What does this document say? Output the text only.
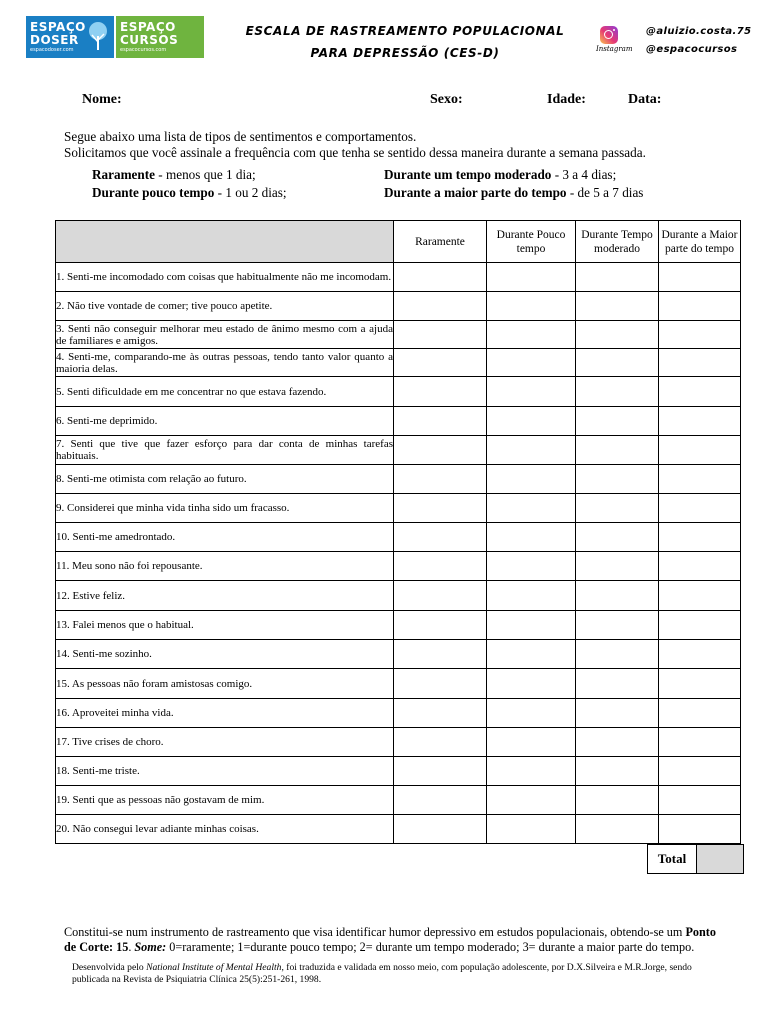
ESPAÇO
DOSER
espacodoser.com
ESPAÇO
CURSOS
espacocursos.com
ESCALA DE RASTREAMENTO POPULACIONAL
PARA DEPRESSÃO (CES-D)	Instagram
@aluizio.costa.75
@espacocursos
Nome:	Sexo:	Idade:	Data:
Segue abaixo uma lista de tipos de sentimentos e comportamentos.
Solicitamos que você assinale a frequência com que tenha se sentido dessa maneira durante a semana passada.
Raramente - menos que 1 dia;
Durante pouco tempo - 1 ou 2 dias;
Durante um tempo moderado - 3 a 4 dias;
Durante a maior parte do tempo - de 5 a 7 dias
	Raramente	Durante Pouco tempo	Durante Tempo moderado	Durante a Maior parte do tempo
1. Senti-me incomodado com coisas que habitualmente não me incomodam.				
2. Não tive vontade de comer; tive pouco apetite.				
3. Senti não conseguir melhorar meu estado de ânimo mesmo com a ajuda de familiares e amigos.				
4. Senti-me, comparando-me às outras pessoas, tendo tanto valor quanto a maioria delas.				
5. Senti dificuldade em me concentrar no que estava fazendo.				
6. Senti-me deprimido.				
7. Senti que tive que fazer esforço para dar conta de minhas tarefas habituais.				
8. Senti-me otimista com relação ao futuro.				
9. Considerei que minha vida tinha sido um fracasso.				
10. Senti-me amedrontado.				
11. Meu sono não foi repousante.				
12. Estive feliz.				
13. Falei menos que o habitual.				
14. Senti-me sozinho.				
15. As pessoas não foram amistosas comigo.				
16. Aproveitei minha vida.				
17. Tive crises de choro.				
18. Senti-me triste.				
19. Senti que as pessoas não gostavam de mim.				
20. Não consegui levar adiante minhas coisas.				
Total	
Constitui-se num instrumento de rastreamento que visa identificar humor depressivo em estudos populacionais, obtendo-se um Ponto de Corte: 15. Some: 0=raramente; 1=durante pouco tempo; 2= durante um tempo moderado; 3= durante a maior parte do tempo.
Desenvolvida pelo National Institute of Mental Health, foi traduzida e validada em nosso meio, com população adolescente, por D.X.Silveira e M.R.Jorge, sendo publicada na Revista de Psiquiatria Clínica 25(5):251-261, 1998.
